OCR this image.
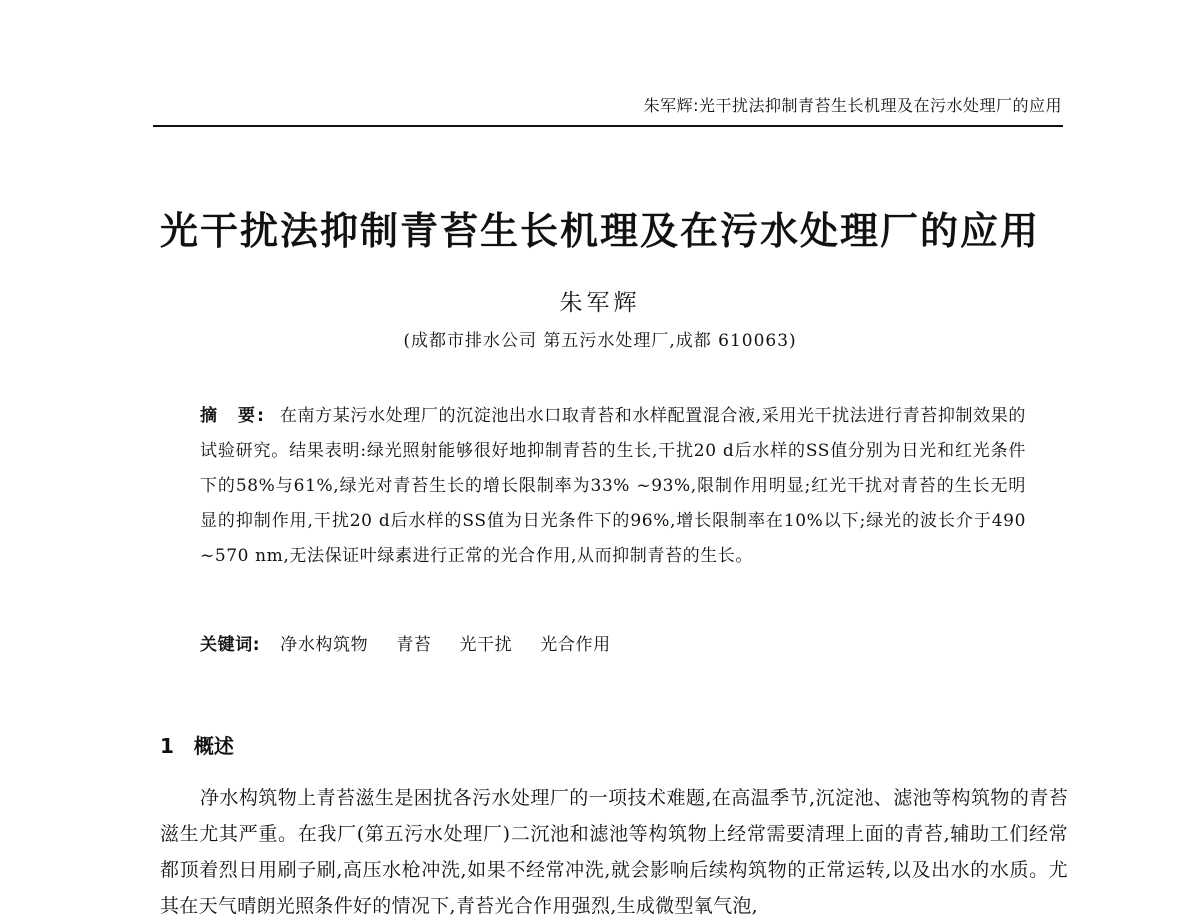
朱军辉:光干扰法抑制青苔生长机理及在污水处理厂的应用
光干扰法抑制青苔生长机理及在污水处理厂的应用
朱军辉
(成都市排水公司 第五污水处理厂,成都 610063)
摘　要: 在南方某污水处理厂的沉淀池出水口取青苔和水样配置混合液,采用光干扰法进行青苔抑制效果的试验研究。结果表明:绿光照射能够很好地抑制青苔的生长,干扰20 d后水样的SS值分别为日光和红光条件下的58%与61%,绿光对青苔生长的增长限制率为33% ~93%,限制作用明显;红光干扰对青苔的生长无明显的抑制作用,干扰20 d后水样的SS值为日光条件下的96%,增长限制率在10%以下;绿光的波长介于490 ~570 nm,无法保证叶绿素进行正常的光合作用,从而抑制青苔的生长。
关键词: 净水构筑物 青苔 光干扰 光合作用
1 概述
净水构筑物上青苔滋生是困扰各污水处理厂的一项技术难题,在高温季节,沉淀池、滤池等构筑物的青苔滋生尤其严重。在我厂(第五污水处理厂)二沉池和滤池等构筑物上经常需要清理上面的青苔,辅助工们经常都顶着烈日用刷子刷,高压水枪冲洗,如果不经常冲洗,就会影响后续构筑物的正常运转,以及出水的水质。尤其在天气晴朗光照条件好的情况下,青苔光合作用强烈,生成微型氧气泡,
